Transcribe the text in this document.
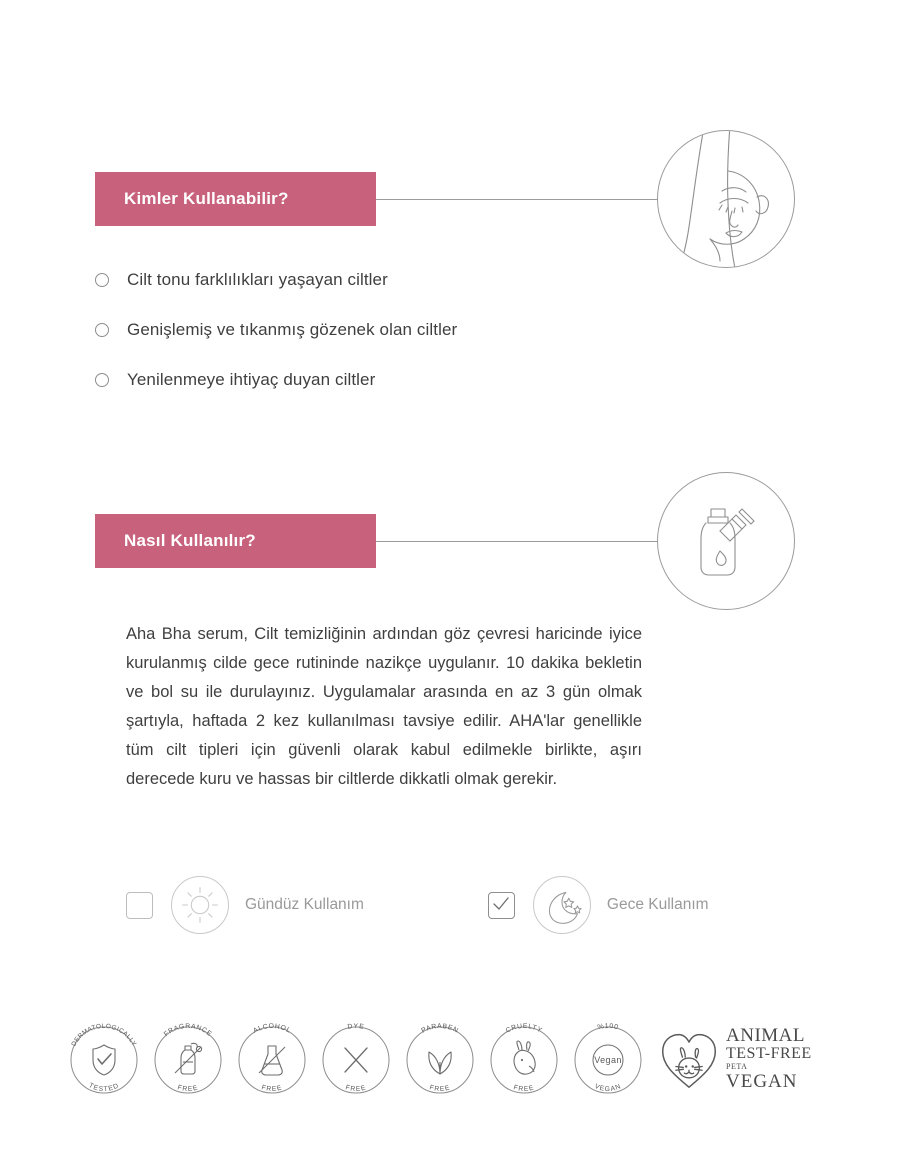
Kimler Kullanabilir?
Cilt tonu farklılıkları yaşayan ciltler
Genişlemiş ve tıkanmış gözenek olan ciltler
Yenilenmeye ihtiyaç duyan ciltler
Nasıl Kullanılır?

Aha Bha serum, Cilt temizliğinin ardından göz çevresi haricinde iyice kurulanmış cilde gece rutininde nazikçe uygulanır. 10 dakika bekletin ve bol su ile durulayınız. Uygulamalar arasında en az 3 gün olmak şartıyla, haftada 2 kez kullanılması tavsiye edilir. AHA'lar genellikle tüm cilt tipleri için güvenli olarak kabul edilmekle birlikte, aşırı derecede kuru ve hassas bir ciltlerde dikkatli olmak gerekir.

Gündüz Kullanım	Gece Kullanım
DERMATOLOGICALLY
TESTED
FRAGRANCE
FREE
ALCOHOL
FREE
DYE
FREE
PARABEN
FREE
CRUELTY
FREE
%100
VEGAN
Vegan
ANIMAL
TEST-FREE
PETA
VEGAN
